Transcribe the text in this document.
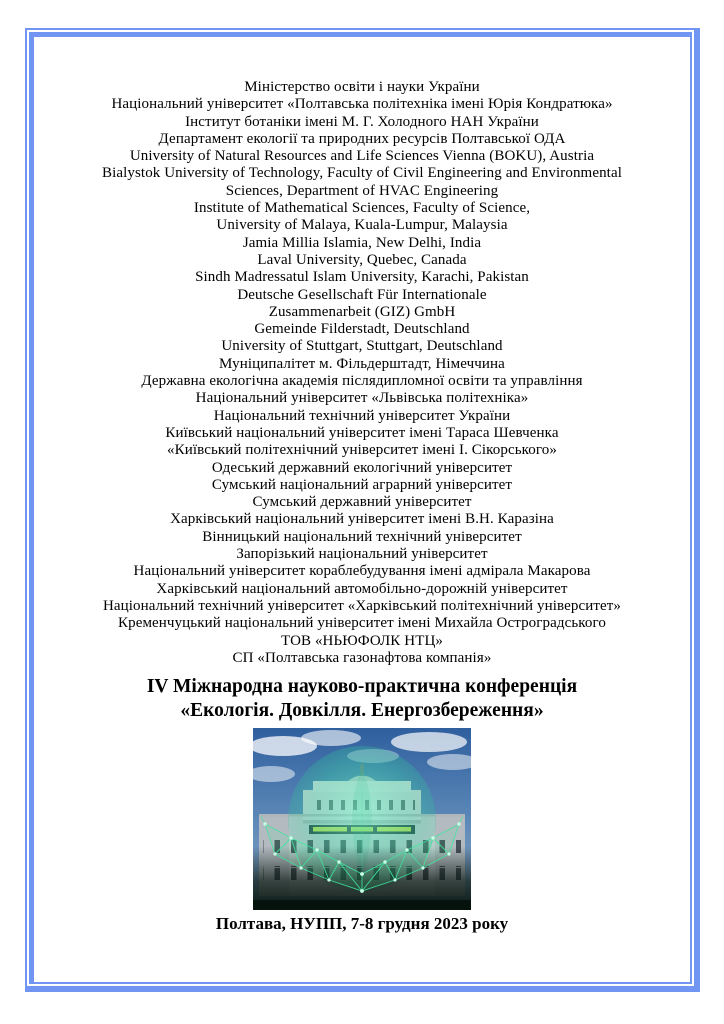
Міністерство освіти і науки України
Національний університет «Полтавська політехніка імені Юрія Кондратюка»
Інститут ботаніки імені М. Г. Холодного НАН України
Департамент екології та природних ресурсів Полтавської ОДА
University of Natural Resources and Life Sciences Vienna (BOKU), Austria
Bialystok University of Technology, Faculty of Civil Engineering and Environmental
Sciences, Department of HVAC Engineering
Institute of Mathematical Sciences, Faculty of Science,
University of Malaya, Kuala-Lumpur, Malaysia
Jamia Millia Islamia, New Delhi, India
Laval University, Quebec, Canada
Sindh Madressatul Islam University, Karachi, Pakistan
Deutsche Gesellschaft Für Internationale
Zusammenarbeit (GIZ) GmbH
Gemeinde Filderstadt, Deutschland
University of Stuttgart, Stuttgart, Deutschland
Муніципалітет м. Фільдерштадт, Німеччина
Державна екологічна академія післядипломної освіти та управління
Національний університет «Львівська політехніка»
Національний технічний університет України
Київський національний університет імені Тараса Шевченка
«Київський політехнічний університет імені І. Сікорського»
Одеський державний екологічний університет
Сумський національний аграрний університет
Сумський державний університет
Харківський національний університет імені В.Н. Каразіна
Вінницький національний технічний університет
Запорізький національний університет
Національний університет кораблебудування імені адмірала Макарова
Харківський національний автомобільно-дорожній університет
Національний технічний університет «Харківський політехнічний університет»
Кременчуцький національний університет імені Михайла Остроградського
ТОВ «НЬЮФОЛК НТЦ»
СП «Полтавська газонафтова компанія»
IV Міжнародна науково-практична конференція
«Екологія. Довкілля. Енергозбереження»
Полтава, НУПП, 7-8 грудня 2023 року
